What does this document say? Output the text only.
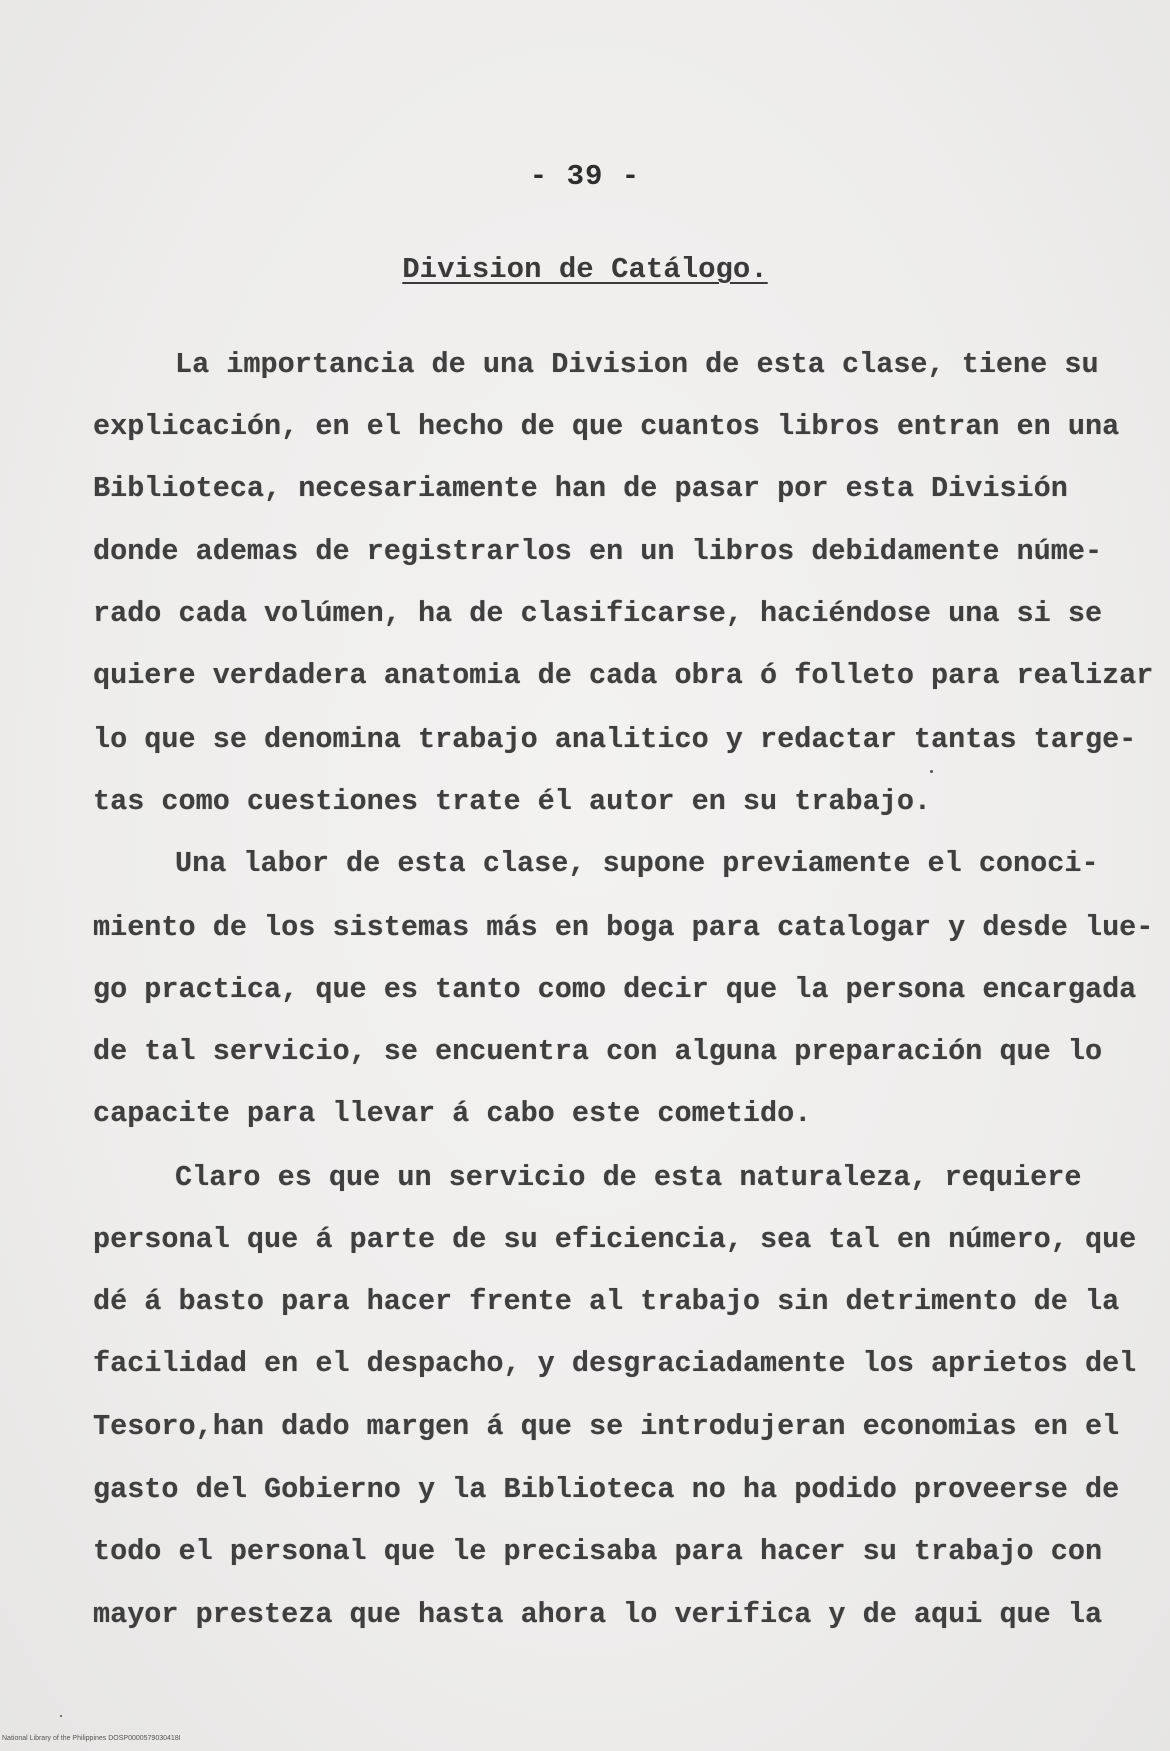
- 39 -
Division de Catálogo.
La importancia de una Division de esta clase, tiene su
explicación, en el hecho de que cuantos libros entran en una
Biblioteca, necesariamente han de pasar por esta División
donde ademas de registrarlos en un libros debidamente núme-
rado cada volúmen, ha de clasificarse, haciéndose una si se
quiere verdadera anatomia de cada obra ó folleto para realizar
lo que se denomina trabajo analitico y redactar tantas targe-
tas como cuestiones trate él autor en su trabajo.
Una labor de esta clase, supone previamente el conoci-
miento de los sistemas más en boga para catalogar y desde lue-
go practica, que es tanto como decir que la persona encargada
de tal servicio, se encuentra con alguna preparación que lo
capacite para llevar á cabo este cometido.
Claro es que un servicio de esta naturaleza, requiere
personal que á parte de su eficiencia, sea tal en número, que
dé á basto para hacer frente al trabajo sin detrimento de la
facilidad en el despacho, y desgraciadamente los aprietos del
Tesoro,han dado margen á que se introdujeran economias en el
gasto del Gobierno y la Biblioteca no ha podido proveerse de
todo el personal que le precisaba para hacer su trabajo con
mayor presteza que hasta ahora lo verifica y de aqui que la
National Library of the Philippines DOSP0000579030418I
